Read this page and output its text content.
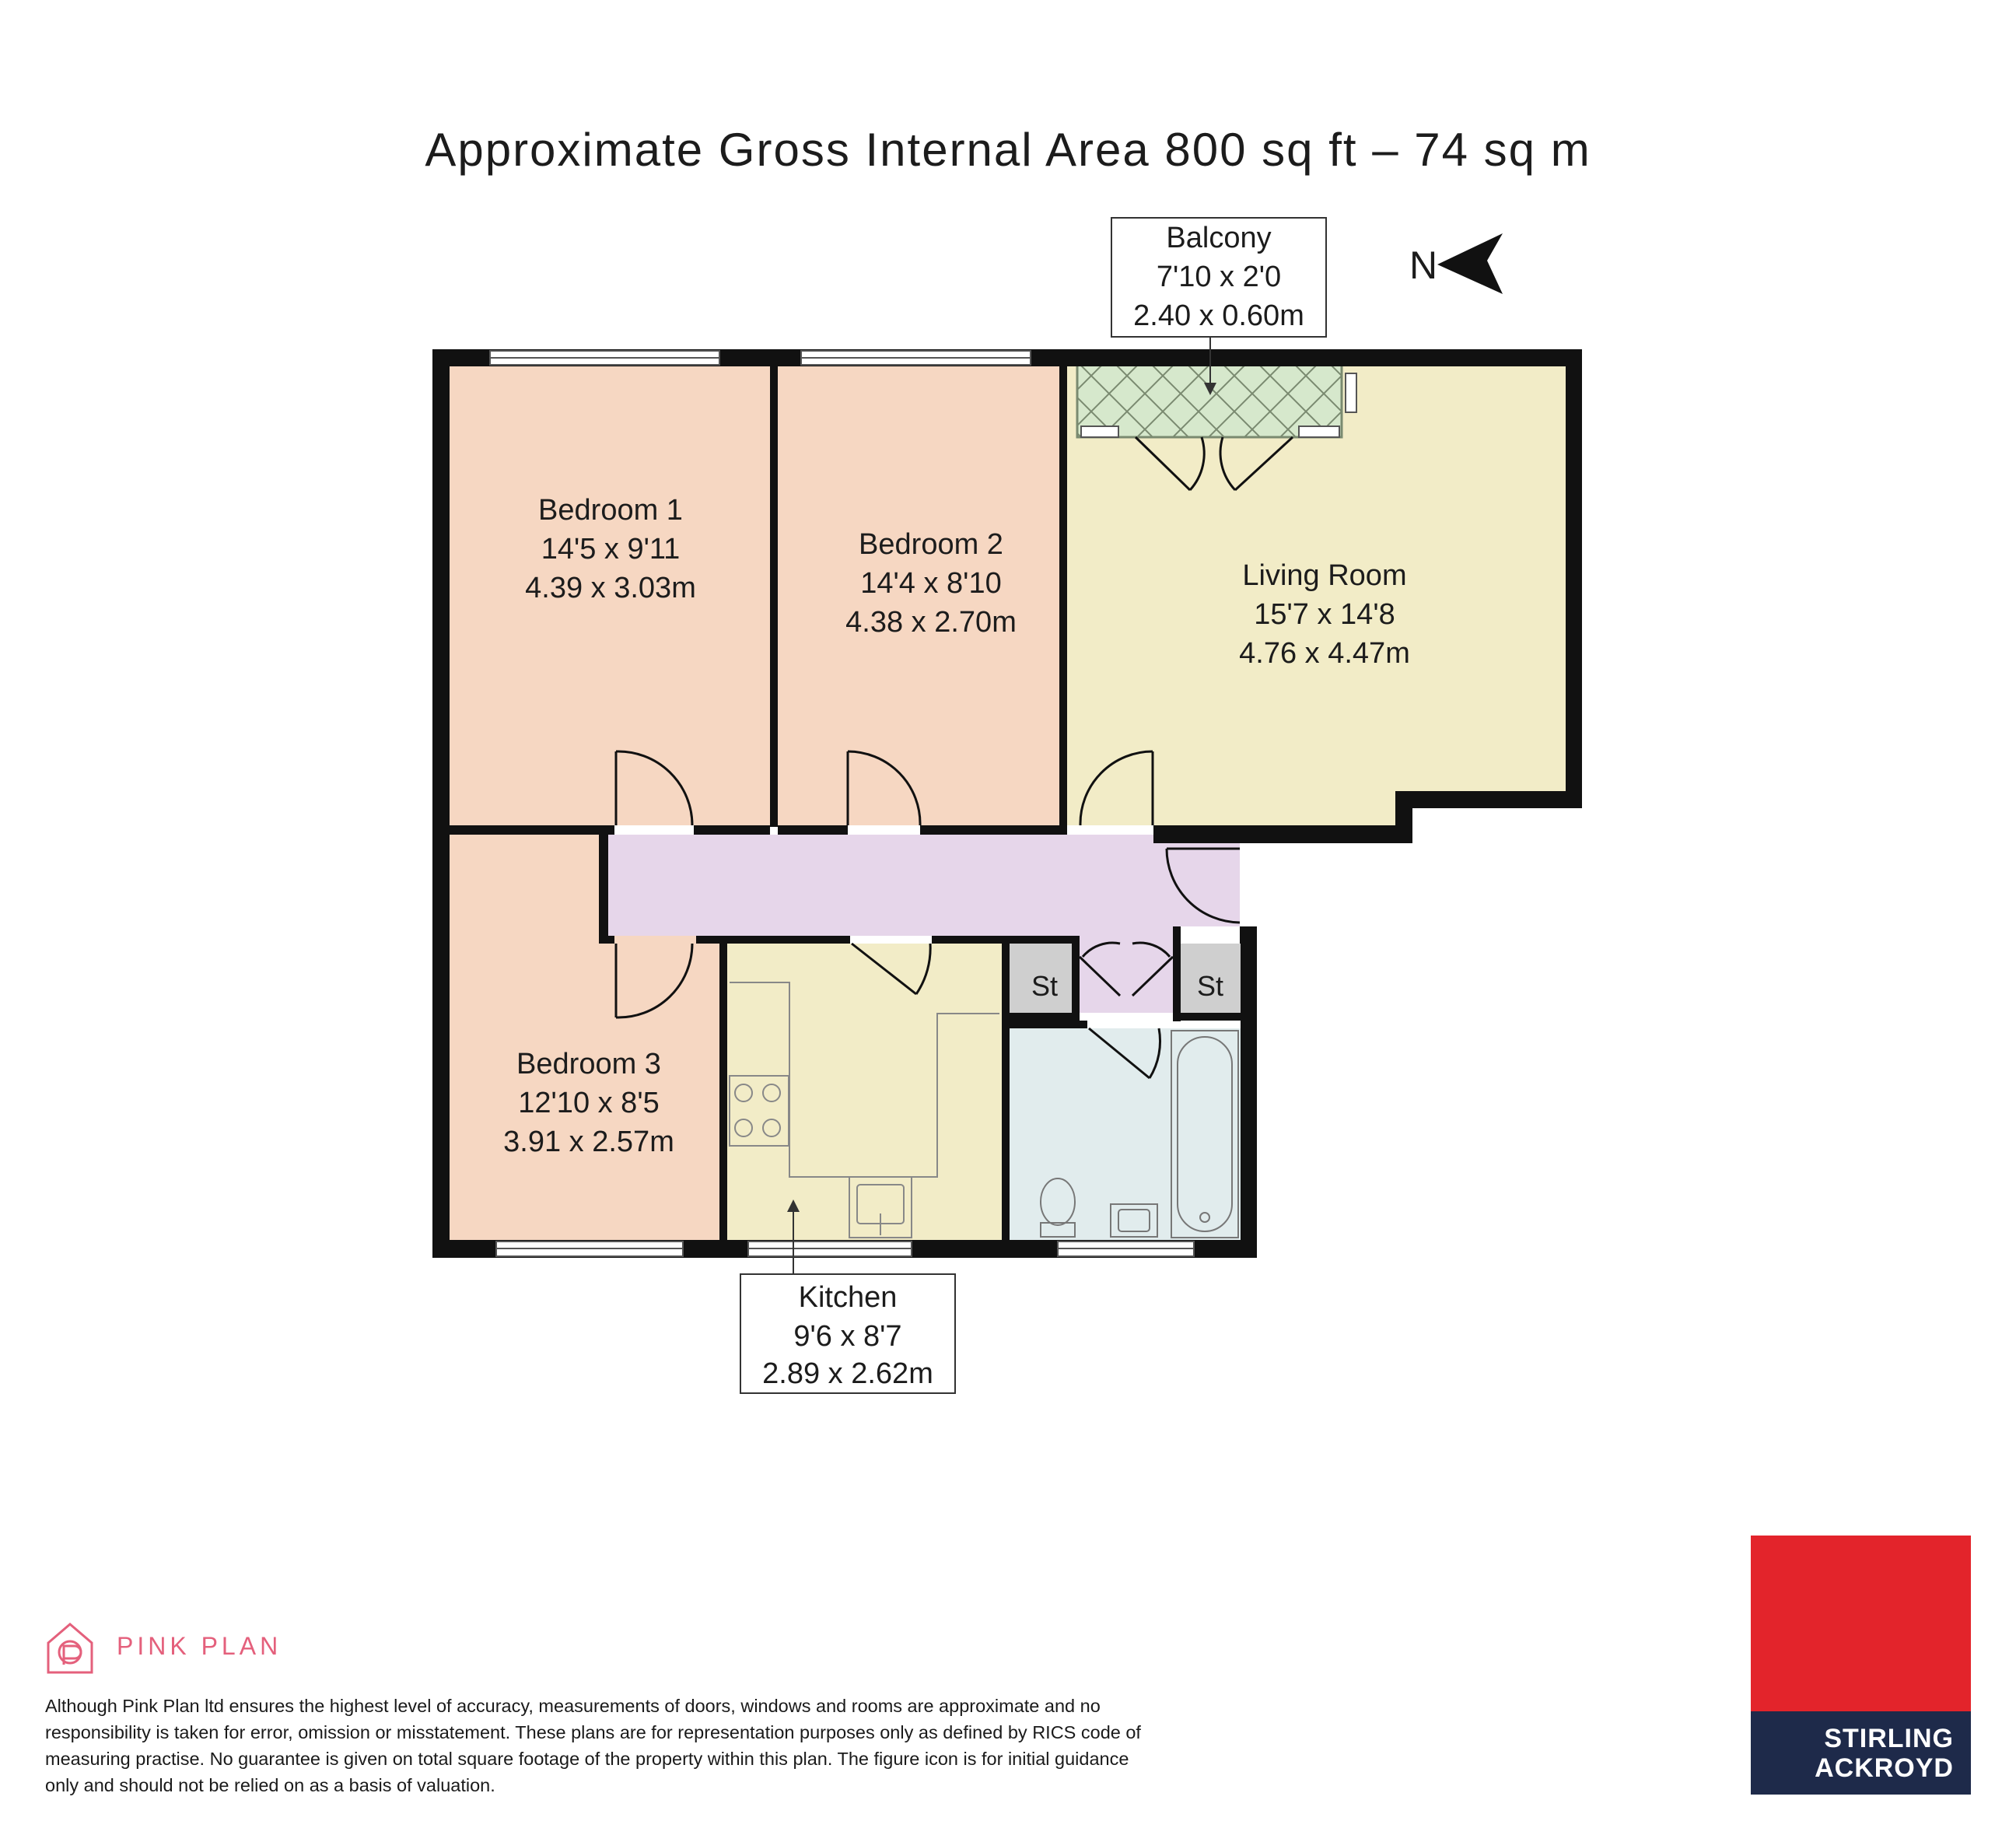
Approximate Gross Internal Area 800 sq ft – 74 sq m
N
Bedroom 1
14'5 x 9'11
4.39 x 3.03m
Bedroom 2
14'4 x 8'10
4.38 x 2.70m
Living Room
15'7 x 14'8
4.76 x 4.47m
Bedroom 3
12'10 x 8'5
3.91 x 2.57m
Kitchen
9'6 x 8'7
2.89 x 2.62m
Balcony
7'10 x 2'0
2.40 x 0.60m
St	St
PINK PLAN
Although Pink Plan ltd ensures the highest level of accuracy, measurements of doors, windows and rooms are approximate and no responsibility is taken for error, omission or misstatement. These plans are for representation purposes only as defined by RICS code of measuring practise. No guarantee is given on total square footage of the property within this plan. The figure icon is for initial guidance only and should not be relied on as a basis of valuation.
STIRLING
ACKROYD
